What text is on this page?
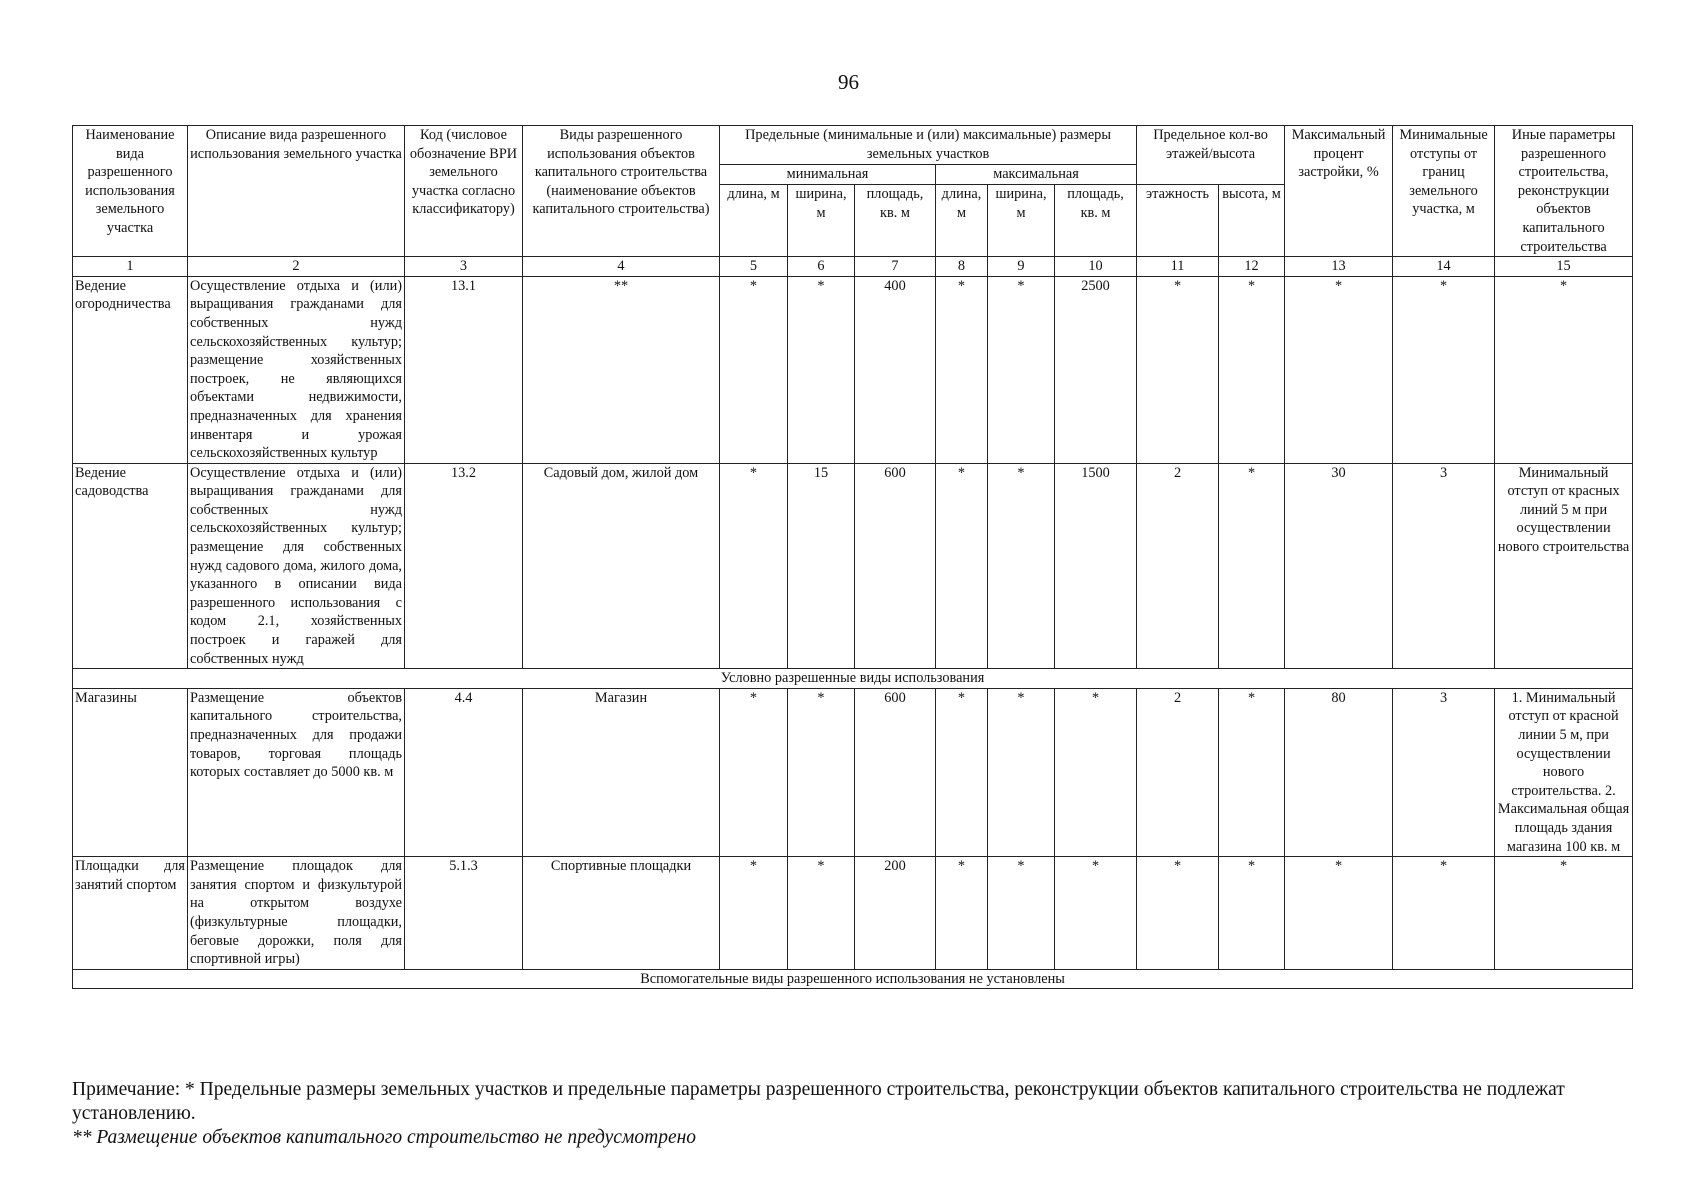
96
Наименование вида разрешенного использования земельного участка	Описание вида разрешенного использования земельного участка	Код (числовое обозначение ВРИ земельного участка согласно классификатору)	Виды разрешенного использования объектов капитального строительства (наименование объектов капитального строительства)	Предельные (минимальные и (или) максимальные) размеры земельных участков						Предельное кол-во этажей/высота		Максимальный процент застройки, %	Минимальные отступы от границ земельного участка, м	Иные параметры разрешенного строительства, реконструкции объектов капитального строительства
				минимальная			максимальная							
				длина, м	ширина, м	площадь, кв. м	длина, м	ширина, м	площадь, кв. м	этажность	высота, м			
1	2	3	4	5	6	7	8	9	10	11	12	13	14	15
Ведение огородничества	Осуществление отдыха и (или) выращивания гражданами для собственных нужд сельскохозяйственных культур; размещение хозяйственных построек, не являющихся объектами недвижимости, предназначенных для хранения инвентаря и урожая сельскохозяйственных культур	13.1	**	*	*	400	*	*	2500	*	*	*	*	*
Ведение садоводства	Осуществление отдыха и (или) выращивания гражданами для собственных нужд сельскохозяйственных культур; размещение для собственных нужд садового дома, жилого дома, указанного в описании вида разрешенного использования с кодом 2.1, хозяйственных построек и гаражей для собственных нужд	13.2	Садовый дом, жилой дом	*	15	600	*	*	1500	2	*	30	3	Минимальный отступ от красных линий 5 м при осуществлении нового строительства
Условно разрешенные виды использования														
Магазины	Размещение объектов капитального строительства, предназначенных для продажи товаров, торговая площадь которых составляет до 5000 кв. м	4.4	Магазин	*	*	600	*	*	*	2	*	80	3	1. Минимальный отступ от красной линии 5 м, при осуществлении нового строительства. 2. Максимальная общая площадь здания магазина 100 кв. м
Площадки для занятий спортом	Размещение площадок для занятия спортом и физкультурой на открытом воздухе (физкультурные площадки, беговые дорожки, поля для спортивной игры)	5.1.3	Спортивные площадки	*	*	200	*	*	*	*	*	*	*	*
Вспомогательные виды разрешенного использования не установлены														

Примечание: * Предельные размеры земельных участков и предельные параметры разрешенного строительства, реконструкции объектов капитального строительства не подлежат установлению.

** Размещение объектов капитального строительство не предусмотрено
